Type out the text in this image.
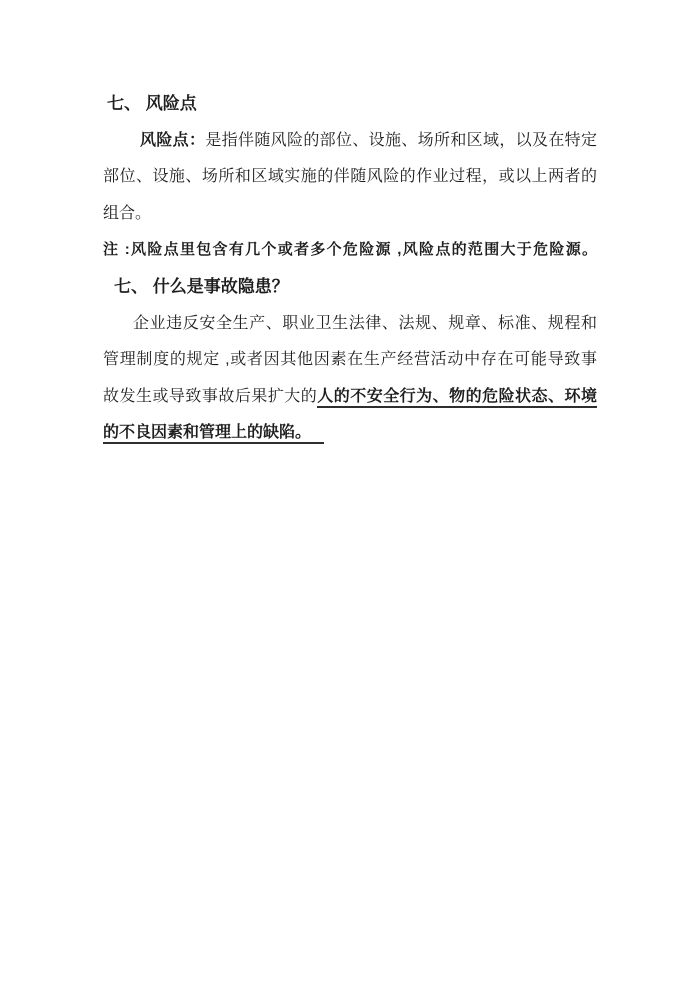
七、 风险点
风险点：是指伴随风险的部位、设施、场所和区域，以及在特定
部位、设施、场所和区域实施的伴随风险的作业过程，或以上两者的
组合。
注 :风险点里包含有几个或者多个危险源 ,风险点的范围大于危险源。
七、 什么是事故隐患？
企业违反安全生产、职业卫生法律、法规、规章、标准、规程和
管理制度的规定 ,或者因其他因素在生产经营活动中存在可能导致事
故发生或导致事故后果扩大的人的不安全行为、物的危险状态、环境
的不良因素和管理上的缺陷。
